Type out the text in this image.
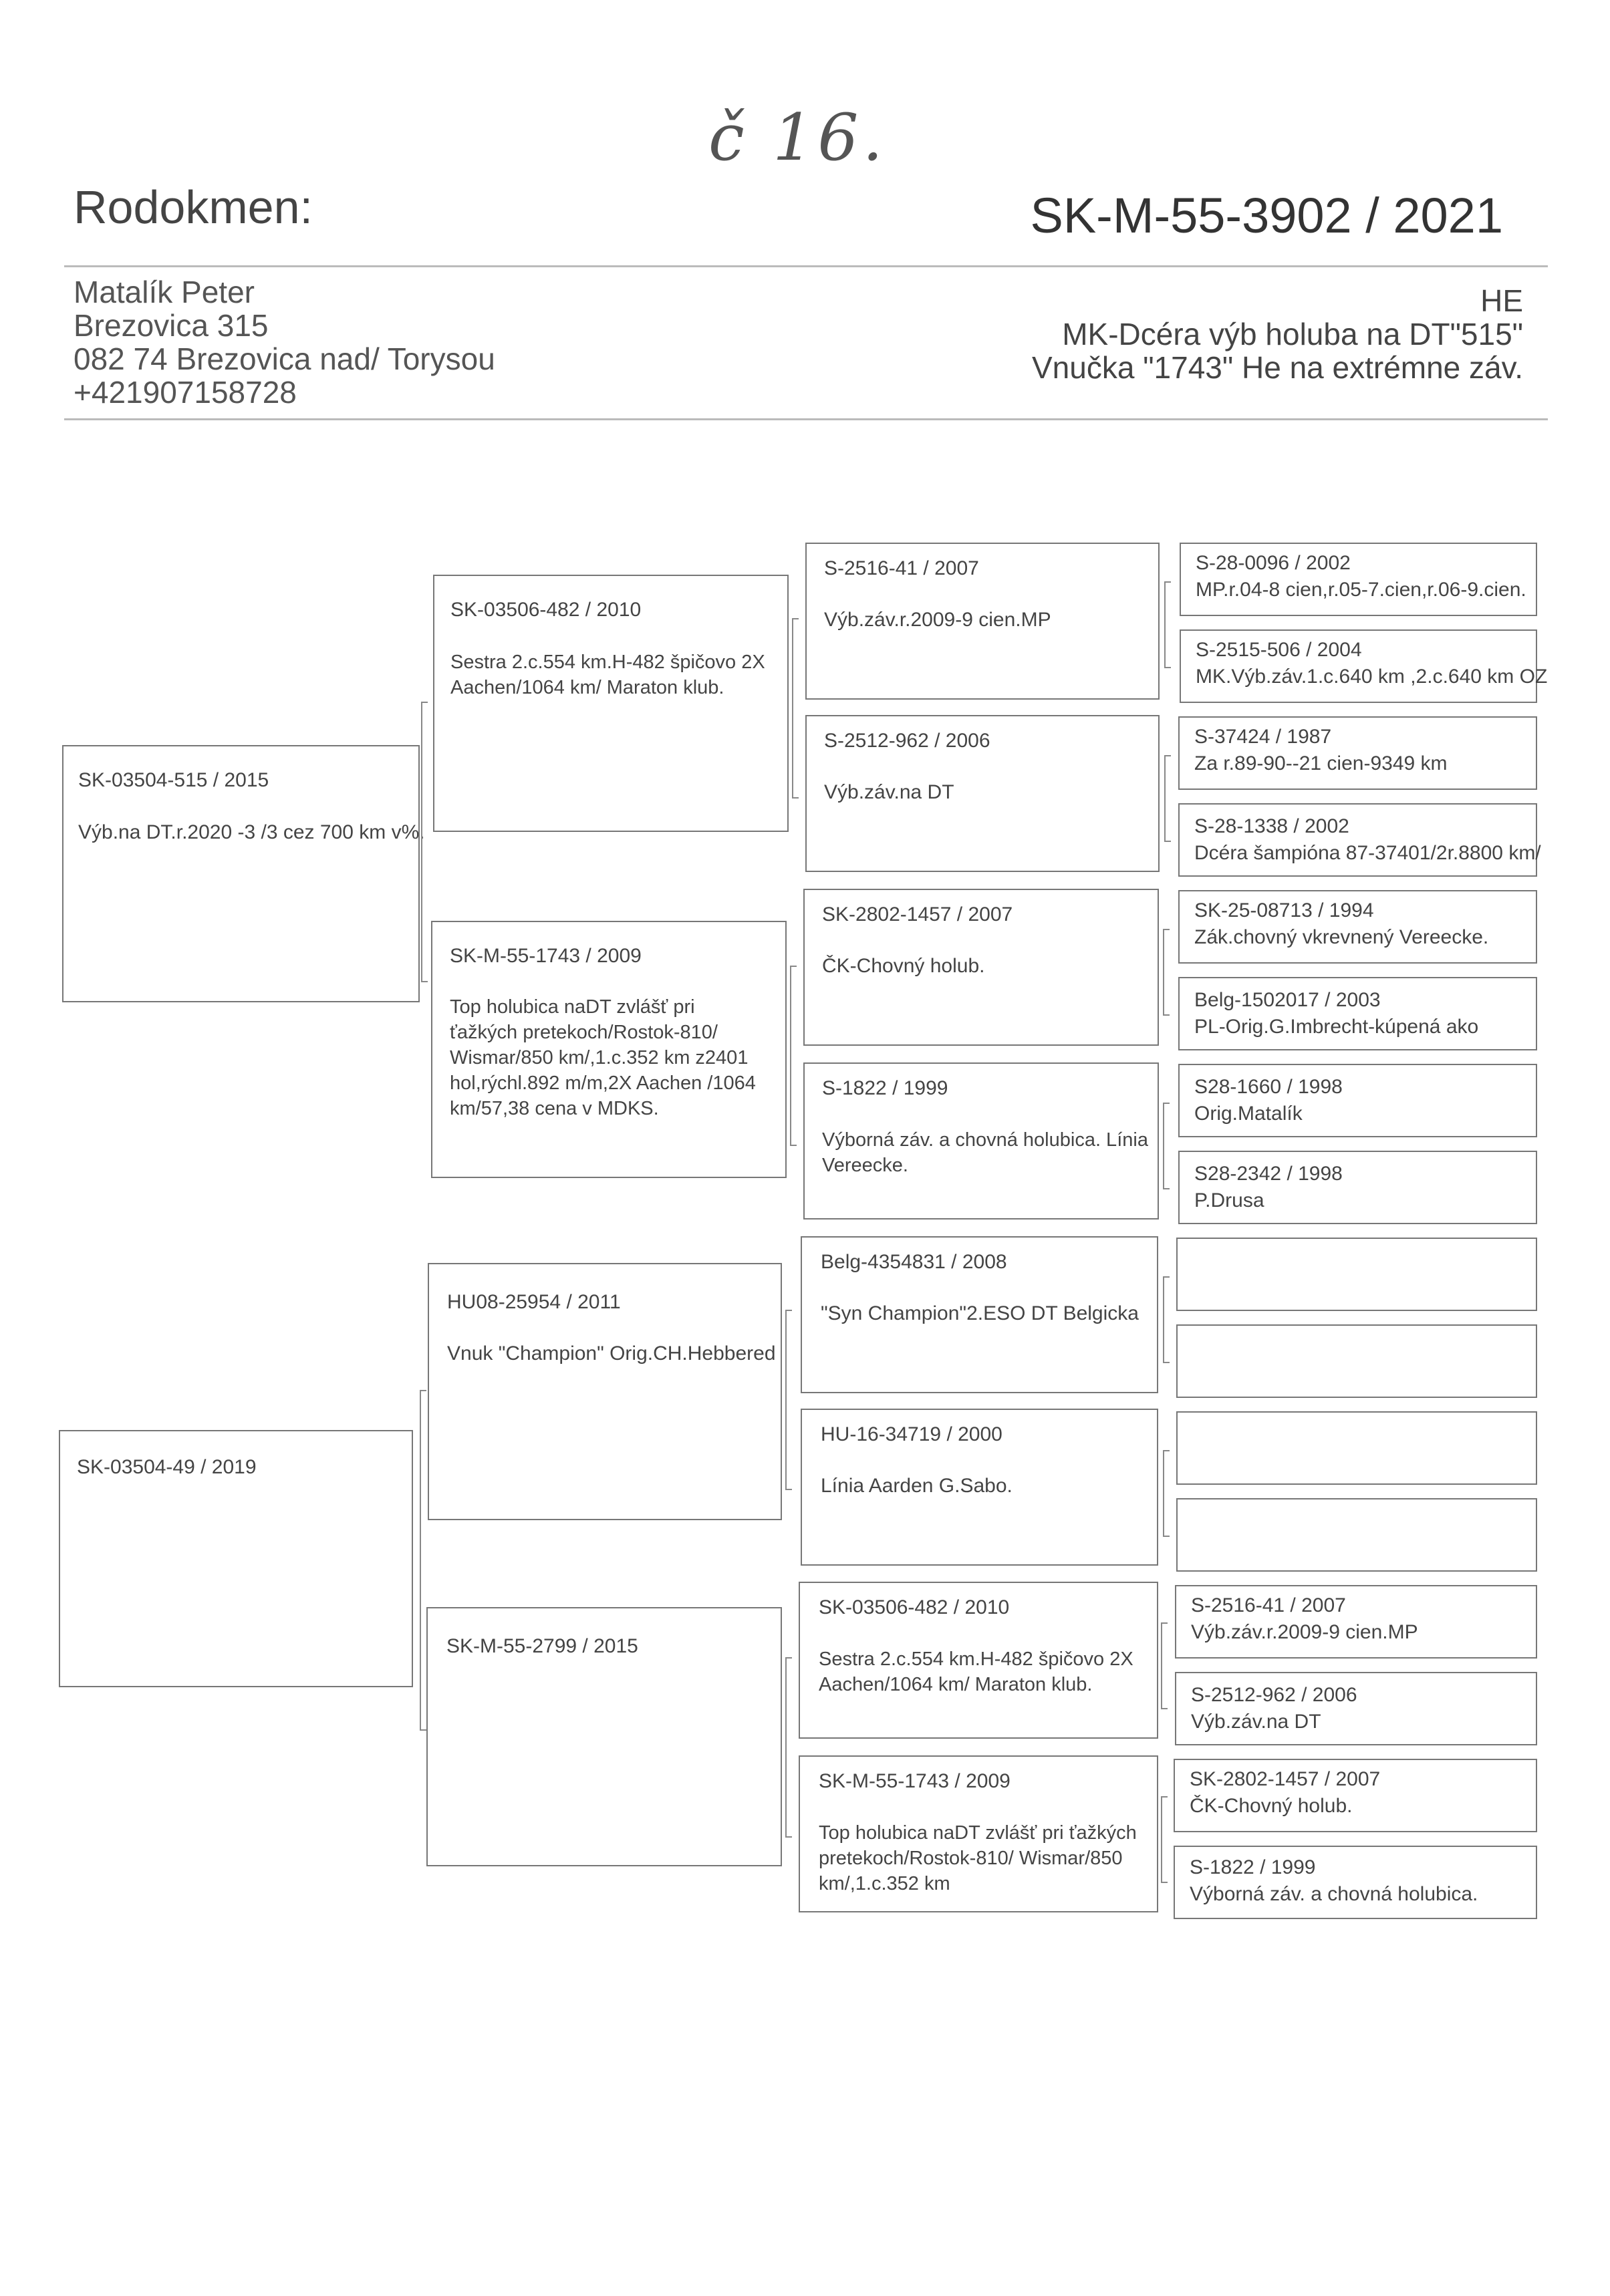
č 16.
Rodokmen:	SK-M-55-3902 / 2021
Matalík Peter
Brezovica 315
082 74 Brezovica nad/ Torysou
+421907158728
HE
MK-Dcéra výb holuba na DT"515"
Vnučka "1743" He na extrémne záv.
SK-03504-515 / 2015
Výb.na DT.r.2020 -3 /3 cez 700 km v%.
SK-03504-49 / 2019
SK-03506-482 / 2010
Sestra 2.c.554 km.H-482 špičovo 2X Aachen/1064 km/ Maraton klub.
SK-M-55-1743 / 2009
Top holubica naDT zvlášť pri ťažkých pretekoch/Rostok-810/ Wismar/850 km/,1.c.352 km z2401 hol,rýchl.892 m/m,2X Aachen /1064 km/57,38 cena v MDKS.
HU08-25954 / 2011
Vnuk "Champion" Orig.CH.Hebbered
SK-M-55-2799 / 2015
S-2516-41 / 2007
Výb.záv.r.2009-9 cien.MP
S-2512-962 / 2006
Výb.záv.na DT
SK-2802-1457 / 2007
ČK-Chovný holub.
S-1822 / 1999
Výborná záv. a chovná holubica. Línia Vereecke.
Belg-4354831 / 2008
"Syn Champion"2.ESO DT Belgicka
HU-16-34719 / 2000
Línia Aarden G.Sabo.
SK-03506-482 / 2010
Sestra 2.c.554 km.H-482 špičovo 2X Aachen/1064 km/ Maraton klub.
SK-M-55-1743 / 2009
Top holubica naDT zvlášť pri ťažkých pretekoch/Rostok-810/ Wismar/850 km/,1.c.352 km
S-28-0096 / 2002
MP.r.04-8 cien,r.05-7.cien,r.06-9.cien.
S-2515-506 / 2004
MK.Výb.záv.1.c.640 km ,2.c.640 km OZ
S-37424 / 1987
Za r.89-90--21 cien-9349 km
S-28-1338 / 2002
Dcéra šampióna 87-37401/2r.8800 km/
SK-25-08713 / 1994
Zák.chovný vkrevnený Vereecke.
Belg-1502017 / 2003
PL-Orig.G.Imbrecht-kúpená ako
S28-1660 / 1998
Orig.Matalík
S28-2342 / 1998
P.Drusa
S-2516-41 / 2007
Výb.záv.r.2009-9 cien.MP
S-2512-962 / 2006
Výb.záv.na DT
SK-2802-1457 / 2007
ČK-Chovný holub.
S-1822 / 1999
Výborná záv. a chovná holubica.
